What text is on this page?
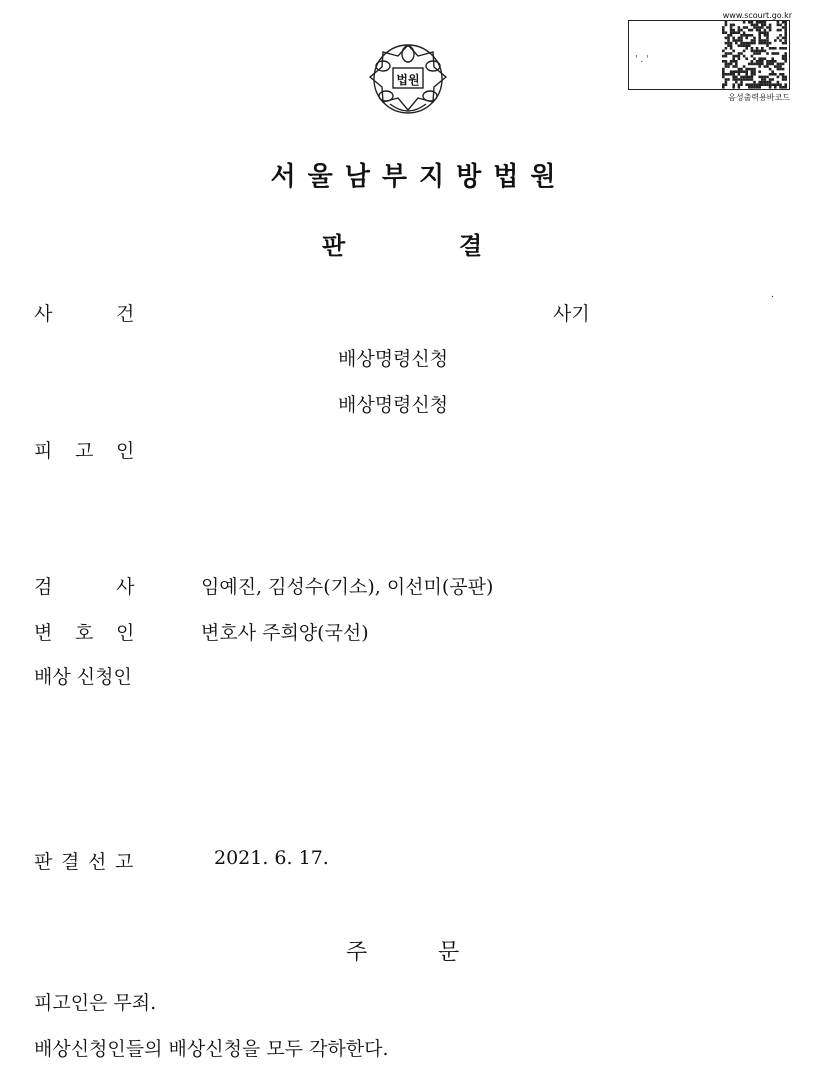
www.scourt.go.kr
' . '
음성출력용바코드
법원
서울남부지방법원
판	결
사	건	사기
배상명령신청
배상명령신청
.
피 고 인
검	사	임예진, 김성수(기소), 이선미(공판)
변 호 인	변호사 주희양(국선)
배상 신청인
판 결 선 고	2021. 6. 17.
주	문
피고인은 무죄.
배상신청인들의 배상신청을 모두 각하한다.
